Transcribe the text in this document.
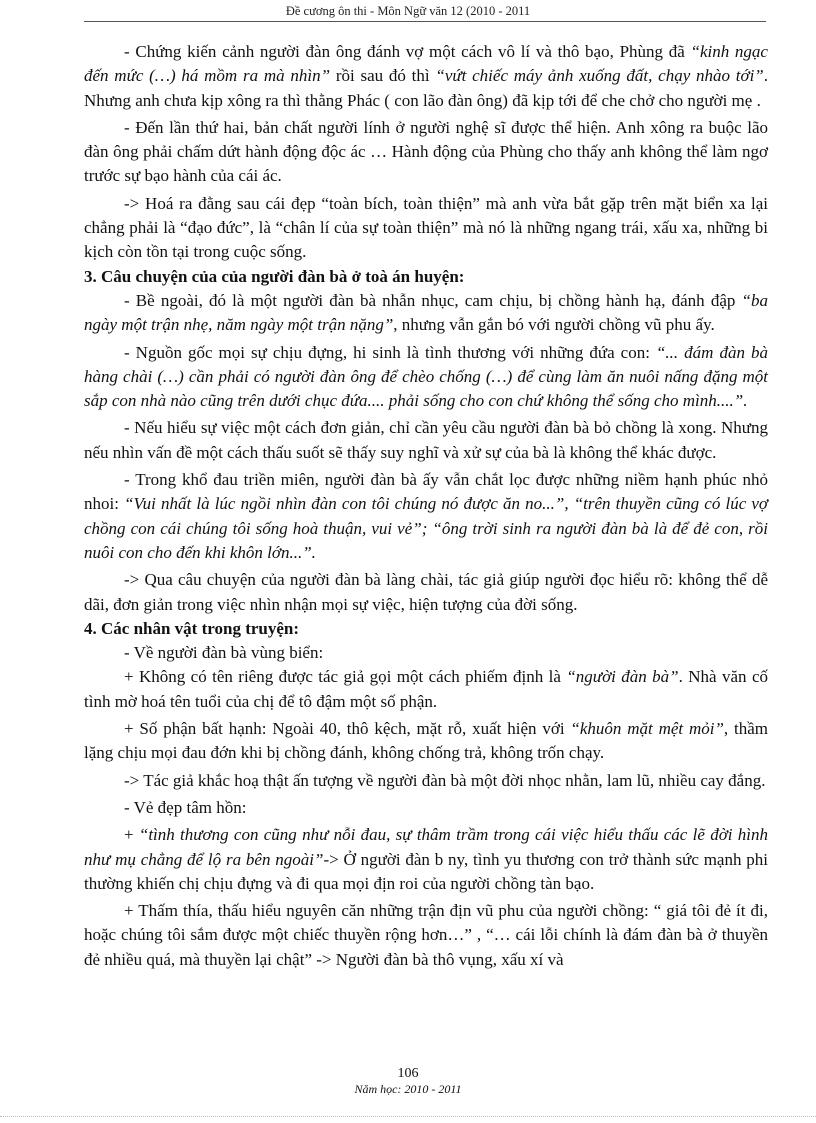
Đề cương ôn thi - Môn Ngữ văn 12 (2010 - 2011

- Chứng kiến cảnh người đàn ông đánh vợ một cách vô lí và thô bạo, Phùng đã “kinh ngạc đến mức (…) há mồm ra mà nhìn” rồi sau đó thì “vứt chiếc máy ảnh xuống đất, chạy nhào tới”. Nhưng anh chưa kịp xông ra thì thằng Phác ( con lão đàn ông) đã kịp tới để che chở cho người mẹ .

- Đến lần thứ hai, bản chất người lính ở người nghệ sĩ được thể hiện. Anh xông ra buộc lão đàn ông phải chấm dứt hành động độc ác … Hành động của Phùng cho thấy anh không thể làm ngơ trước sự bạo hành của cái ác.

-> Hoá ra đằng sau cái đẹp “toàn bích, toàn thiện” mà anh vừa bắt gặp trên mặt biển xa lại chẳng phải là “đạo đức”, là “chân lí của sự toàn thiện” mà nó là những ngang trái, xấu xa, những bi kịch còn tồn tại trong cuộc sống.

3. Câu chuyện của của người đàn bà ở toà án huyện:

- Bề ngoài, đó là một người đàn bà nhẫn nhục, cam chịu, bị chồng hành hạ, đánh đập “ba ngày một trận nhẹ, năm ngày một trận nặng”, nhưng vẫn gắn bó với người chồng vũ phu ấy.

- Nguồn gốc mọi sự chịu đựng, hi sinh là tình thương với những đứa con: “... đám đàn bà hàng chài (…) cần phải có người đàn ông để chèo chống (…) để cùng làm ăn nuôi nấng đặng một sắp con nhà nào cũng trên dưới chục đứa.... phải sống cho con chứ không thể sống cho mình....”.

- Nếu hiểu sự việc một cách đơn giản, chỉ cần yêu cầu người đàn bà bỏ chồng là xong. Nhưng nếu nhìn vấn đề một cách thấu suốt sẽ thấy suy nghĩ và xử sự của bà là không thể khác được.

- Trong khổ đau triền miên, người đàn bà ấy vẫn chắt lọc được những niềm hạnh phúc nhỏ nhoi: “Vui nhất là lúc ngồi nhìn đàn con tôi chúng nó được ăn no...”, “trên thuyền cũng có lúc vợ chồng con cái chúng tôi sống hoà thuận, vui vẻ”; “ông trời sinh ra người đàn bà là để đẻ con, rồi nuôi con cho đến khi khôn lớn...”.

-> Qua câu chuyện của người đàn bà làng chài, tác giả giúp người đọc hiểu rõ: không thể dễ dãi, đơn giản trong việc nhìn nhận mọi sự việc, hiện tượng của đời sống.

4. Các nhân vật trong truyện:

- Về người đàn bà vùng biển:

+ Không có tên riêng được tác giả gọi một cách phiếm định là “người đàn bà”. Nhà văn cố tình mờ hoá tên tuổi của chị để tô đậm một số phận.

+ Số phận bất hạnh: Ngoài 40, thô kệch, mặt rỗ, xuất hiện với “khuôn mặt mệt mỏi”, thầm lặng chịu mọi đau đớn khi bị chồng đánh, không chống trả, không trốn chạy.

-> Tác giả khắc hoạ thật ấn tượng về người đàn bà một đời nhọc nhằn, lam lũ, nhiều cay đắng.

- Vẻ đẹp tâm hồn:

+ “tình thương con cũng như nỗi đau, sự thâm trầm trong cái việc hiểu thấu các lẽ đời hình như mụ chẳng để lộ ra bên ngoài”-> Ở người đàn b ny, tình yu thương con trở thành sức mạnh phi thường khiến chị chịu đựng và đi qua mọi địn roi của người chồng tàn bạo.

+ Thấm thía, thấu hiểu nguyên căn những trận địn vũ phu của người chồng: “ giá tôi đẻ ít đi, hoặc chúng tôi sắm được một chiếc thuyền rộng hơn…” , “… cái lỗi chính là đám đàn bà ở thuyền đẻ nhiều quá, mà thuyền lại chật” -> Người đàn bà thô vụng, xấu xí và

106
Năm học: 2010 - 2011
